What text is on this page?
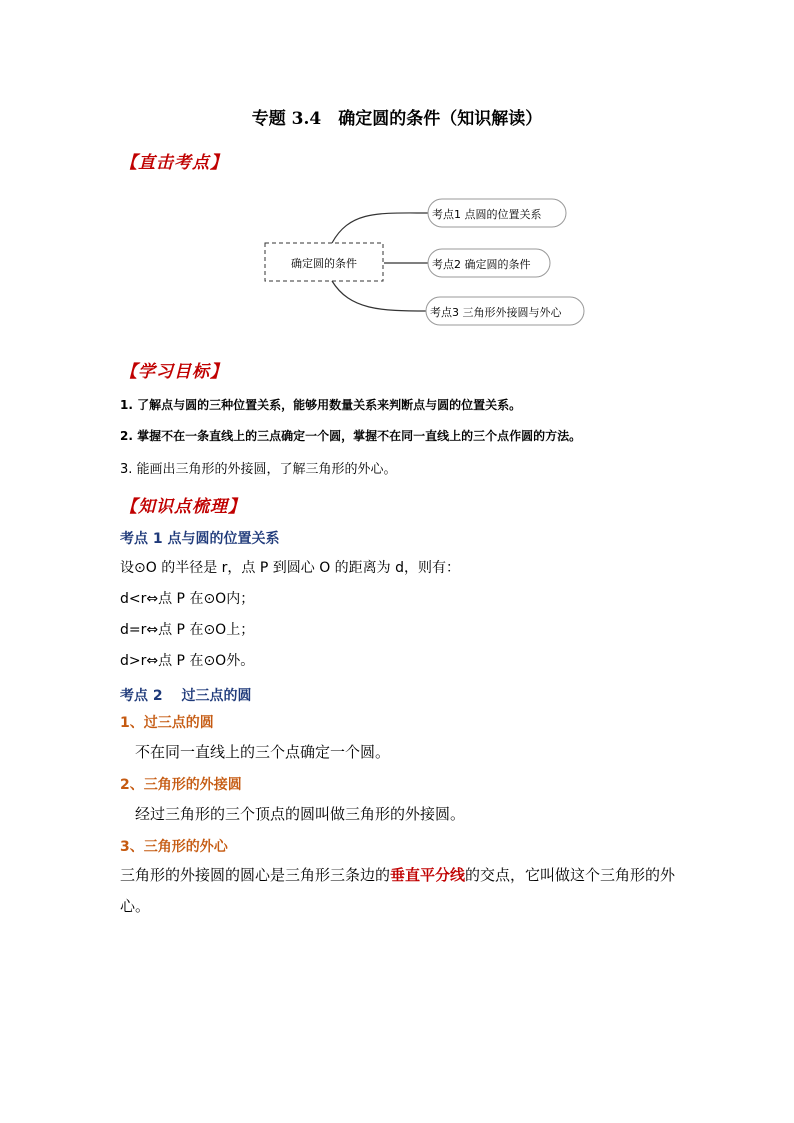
专题 3.4　确定圆的条件（知识解读）
【直击考点】
确定圆的条件
考点1 点圆的位置关系
考点2 确定圆的条件
考点3 三角形外接圆与外心
【学习目标】
1. 了解点与圆的三种位置关系，能够用数量关系来判断点与圆的位置关系。
2. 掌握不在一条直线上的三点确定一个圆，掌握不在同一直线上的三个点作圆的方法。
3. 能画出三角形的外接圆，了解三角形的外心。
【知识点梳理】
考点 1 点与圆的位置关系
设⊙O 的半径是 r，点 P 到圆心 O 的距离为 d，则有：
d<r⇔点 P 在⊙O内；
d=r⇔点 P 在⊙O上；
d>r⇔点 P 在⊙O外。
考点 2　 过三点的圆
1、过三点的圆
不在同一直线上的三个点确定一个圆。
2、三角形的外接圆
经过三角形的三个顶点的圆叫做三角形的外接圆。
3、三角形的外心
三角形的外接圆的圆心是三角形三条边的垂直平分线的交点，它叫做这个三角形的外心。
